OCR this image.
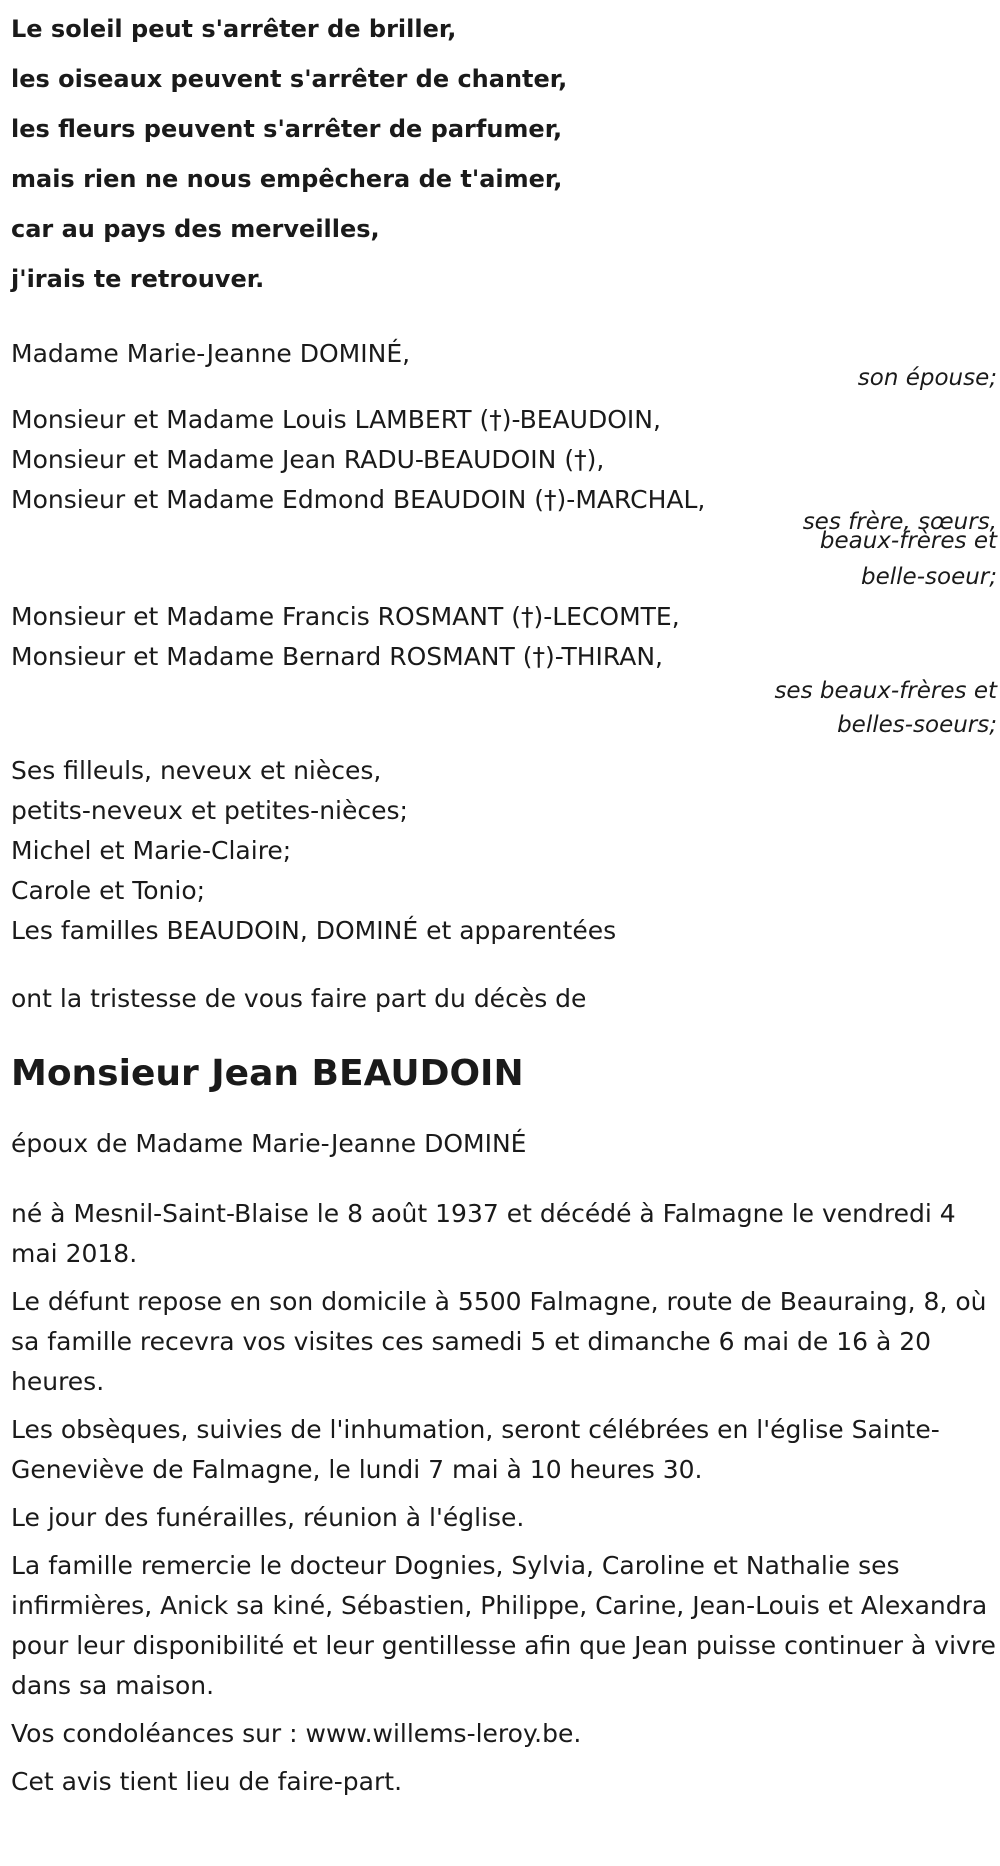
Le soleil peut s'arrêter de briller,
les oiseaux peuvent s'arrêter de chanter,
les fleurs peuvent s'arrêter de parfumer,
mais rien ne nous empêchera de t'aimer,
car au pays des merveilles,
j'irais te retrouver.
Madame Marie-Jeanne DOMINÉ,
son épouse;
Monsieur et Madame Louis LAMBERT (†)-BEAUDOIN,
Monsieur et Madame Jean RADU-BEAUDOIN (†),
Monsieur et Madame Edmond BEAUDOIN (†)-MARCHAL,
ses frère, sœurs,
beaux-frères et
belle-soeur;
Monsieur et Madame Francis ROSMANT (†)-LECOMTE,
Monsieur et Madame Bernard ROSMANT (†)-THIRAN,
ses beaux-frères et
belles-soeurs;
Ses filleuls, neveux et nièces,
petits-neveux et petites-nièces;
Michel et Marie-Claire;
Carole et Tonio;
Les familles BEAUDOIN, DOMINÉ et apparentées
ont la tristesse de vous faire part du décès de
Monsieur Jean BEAUDOIN
époux de Madame Marie-Jeanne DOMINÉ

né à Mesnil-Saint-Blaise le 8 août 1937 et décédé à Falmagne le vendredi 4 mai 2018.

Le défunt repose en son domicile à 5500 Falmagne, route de Beauraing, 8, où sa famille recevra vos visites ces samedi 5 et dimanche 6 mai de 16 à 20 heures.

Les obsèques, suivies de l'inhumation, seront célébrées en l'église Sainte-Geneviève de Falmagne, le lundi 7 mai à 10 heures 30.

Le jour des funérailles, réunion à l'église.

La famille remercie le docteur Dognies, Sylvia, Caroline et Nathalie ses infirmières, Anick sa kiné, Sébastien, Philippe, Carine, Jean-Louis et Alexandra pour leur disponibilité et leur gentillesse afin que Jean puisse continuer à vivre dans sa maison.

Vos condoléances sur : www.willems-leroy.be.

Cet avis tient lieu de faire-part.
